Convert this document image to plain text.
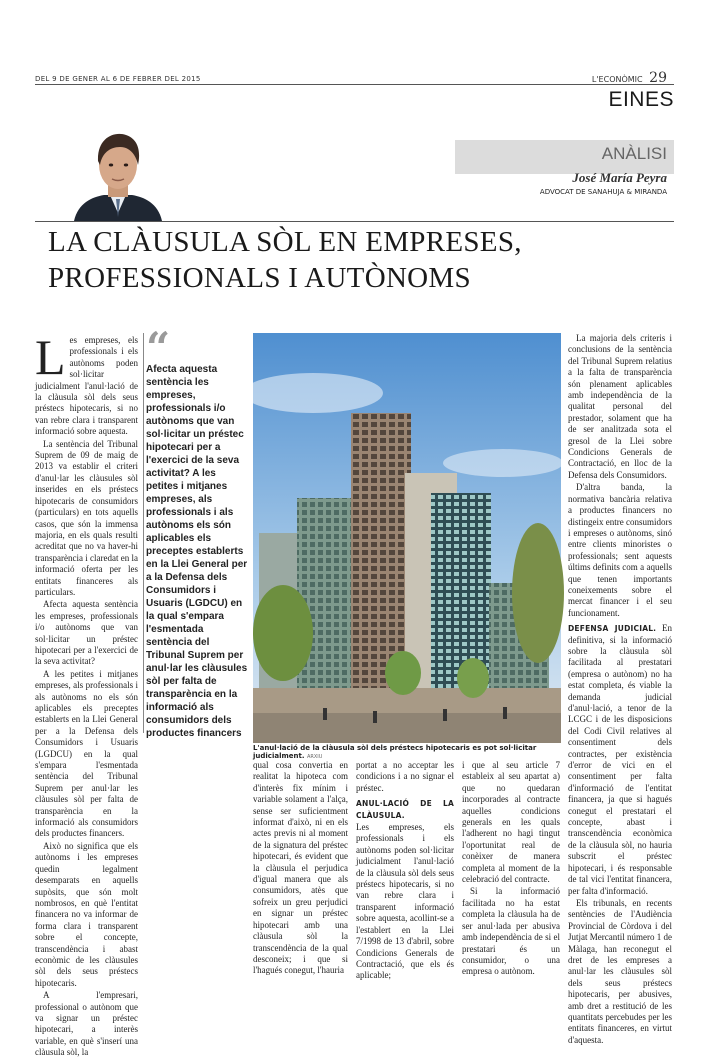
DEL 9 DE GENER AL 6 DE FEBRER DEL 2015	L'ECONÒMIC 29
EINES
ANÀLISI
José María Peyra
ADVOCAT DE SANAHUJA & MIRANDA
LA CLÀUSULA SÒL EN EMPRESES,
PROFESSIONALS I AUTÒNOMS
L es empreses, els professionals i els autònoms poden sol·licitar judicialment l'anul·lació de la clàusula sòl dels seus préstecs hipotecaris, si no van rebre clara i transparent informació sobre aquesta.

La sentència del Tribunal Suprem de 09 de maig de 2013 va establir el criteri d'anul·lar les clàusules sòl inserides en els préstecs hipotecaris de consumidors (particulars) en tots aquells casos, que són la immensa majoria, en els quals resulti acreditat que no va haver-hi transparència i claredat en la informació oferta per les entitats financeres als particulars.

Afecta aquesta sentència les empreses, professionals i/o autònoms que van sol·licitar un préstec hipotecari per a l'exercici de la seva activitat?

A les petites i mitjanes empreses, als professionals i als autònoms no els són aplicables els preceptes establerts en la Llei General per a la Defensa dels Consumidors i Usuaris (LGDCU) en la qual s'empara l'esmentada sentència del Tribunal Suprem per anul·lar les clàusules sòl per falta de transparència en la informació als consumidors dels productes financers.

Això no significa que els autònoms i les empreses quedin legalment desemparats en aquells supòsits, que són molt nombrosos, en què l'entitat financera no va informar de forma clara i transparent sobre el concepte, transcendència i abast econòmic de les clàusules sòl dels seus préstecs hipotecaris.

A l'empresari, professional o autònom que va signar un préstec hipotecari, a interès variable, en què s'inserí una clàusula sòl, la

“
Afecta aquesta sentència les empreses, professionals i/o autònoms que van sol·licitar un préstec hipotecari per a l'exercici de la seva activitat? A les petites i mitjanes empreses, als professionals i als autònoms els són aplicables els preceptes establerts en la Llei General per a la Defensa dels Consumidors i Usuaris (LGDCU) en la qual s'empara l'esmentada sentència del Tribunal Suprem per anul·lar les clàusules sòl per falta de transparència en la informació als consumidors dels productes financers
L'anul·lació de la clàusula sòl dels préstecs hipotecaris es pot sol·licitar judicialment. ARXIU

qual cosa convertia en realitat la hipoteca com d'interès fix mínim i variable solament a l'alça, sense ser suficientment informat d'això, ni en els actes previs ni al moment de la signatura del préstec hipotecari, és evident que la clàusula el perjudica d'igual manera que als consumidors, atès que sofreix un greu perjudici en signar un préstec hipotecari amb una clàusula sòl la transcendència de la qual desconeix; i que si l'hagués conegut, l'hauria

portat a no acceptar les condicions i a no signar el préstec.

ANUL·LACIÓ DE LA CLÀUSULA.

Les empreses, els professionals i els autònoms poden sol·licitar judicialment l'anul·lació de la clàusula sòl dels seus préstecs hipotecaris, si no van rebre clara i transparent informació sobre aquesta, acollint-se a l'establert en la Llei 7/1998 de 13 d'abril, sobre Condicions Generals de Contractació, que els és aplicable;

i que al seu article 7 estableix al seu apartat a) que no quedaran incorporades al contracte aquelles condicions generals en les quals l'adherent no hagi tingut l'oportunitat real de conèixer de manera completa al moment de la celebració del contracte.

Si la informació facilitada no ha estat completa la clàusula ha de ser anul·lada per abusiva amb independència de si el prestatari és un consumidor, o una empresa o autònom.

La majoria dels criteris i conclusions de la sentència del Tribunal Suprem relatius a la falta de transparència són plenament aplicables amb independència de la qualitat personal del prestador, solament que ha de ser analitzada sota el gresol de la Llei sobre Condicions Generals de Contractació, en lloc de la Defensa dels Consumidors.

D'altra banda, la normativa bancària relativa a productes financers no distingeix entre consumidors i empreses o autònoms, sinó entre clients minoristes o professionals; sent aquests últims definits com a aquells que tenen importants coneixements sobre el mercat financer i el seu funcionament.

DEFENSA JUDICIAL. En definitiva, si la informació sobre la clàusula sòl facilitada al prestatari (empresa o autònom) no ha estat completa, és viable la demanda judicial d'anul·lació, a tenor de la LCGC i de les disposicions del Codi Civil relatives al consentiment dels contractes, per existència d'error de vici en el consentiment per falta d'informació de l'entitat financera, ja que si hagués conegut el prestatari el concepte, abast i transcendència econòmica de la clàusula sòl, no hauria subscrit el préstec hipotecari, i és responsable de tal vici l'entitat financera, per falta d'informació.

Els tribunals, en recents sentències de l'Audiència Provincial de Còrdova i del Jutjat Mercantil número 1 de Màlaga, han reconegut el dret de les empreses a anul·lar les clàusules sòl dels seus préstecs hipotecaris, per abusives, amb dret a restitució de les quantitats percebudes per les entitats financeres, en virtut d'aquesta.
